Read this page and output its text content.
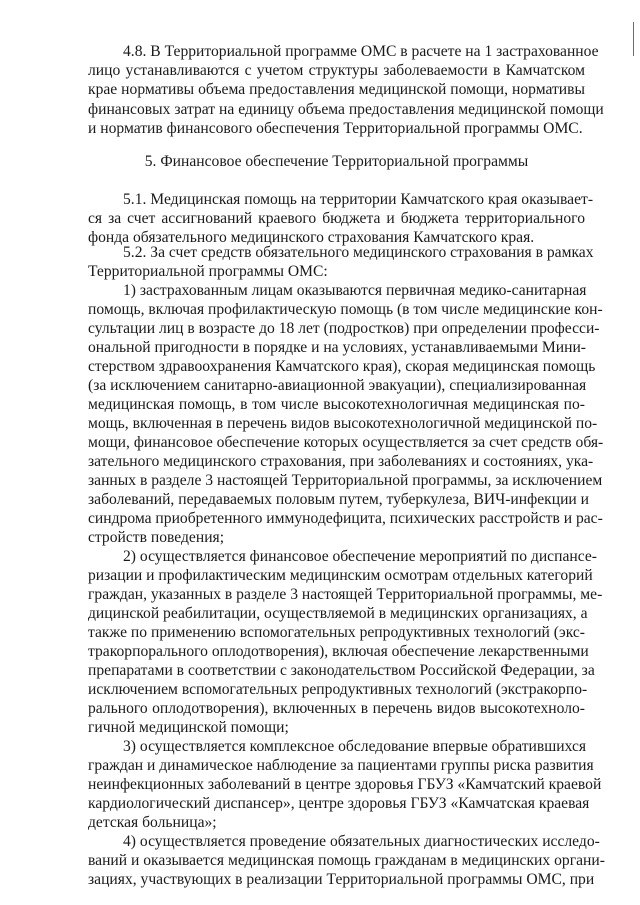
4.8. В Территориальной программе ОМС в расчете на 1 застрахованное
лицо устанавливаются с учетом структуры заболеваемости в Камчатском
крае нормативы объема предоставления медицинской помощи, нормативы
финансовых затрат на единицу объема предоставления медицинской помощи
и норматив финансового обеспечения Территориальной программы ОМС.
5. Финансовое обеспечение Территориальной программы
5.1. Медицинская помощь на территории Камчатского края оказывает-
ся за счет ассигнований краевого бюджета и бюджета территориального
фонда обязательного медицинского страхования Камчатского края.
5.2. За счет средств обязательного медицинского страхования в рамках
Территориальной программы ОМС:
1) застрахованным лицам оказываются первичная медико-санитарная
помощь, включая профилактическую помощь (в том числе медицинские кон-
сультации лиц в возрасте до 18 лет (подростков) при определении професси-
ональной пригодности в порядке и на условиях, устанавливаемыми Мини-
стерством здравоохранения Камчатского края), скорая медицинская помощь
(за исключением санитарно-авиационной эвакуации), специализированная
медицинская помощь, в том числе высокотехнологичная медицинская по-
мощь, включенная в перечень видов высокотехнологичной медицинской по-
мощи, финансовое обеспечение которых осуществляется за счет средств обя-
зательного медицинского страхования, при заболеваниях и состояниях, ука-
занных в разделе 3 настоящей Территориальной программы, за исключением
заболеваний, передаваемых половым путем, туберкулеза, ВИЧ-инфекции и
синдрома приобретенного иммунодефицита, психических расстройств и рас-
стройств поведения;
2) осуществляется финансовое обеспечение мероприятий по диспансе-
ризации и профилактическим медицинским осмотрам отдельных категорий
граждан, указанных в разделе 3 настоящей Территориальной программы, ме-
дицинской реабилитации, осуществляемой в медицинских организациях, а
также по применению вспомогательных репродуктивных технологий (экс-
тракорпорального оплодотворения), включая обеспечение лекарственными
препаратами в соответствии с законодательством Российской Федерации, за
исключением вспомогательных репродуктивных технологий (экстракорпо-
рального оплодотворения), включенных в перечень видов высокотехноло-
гичной медицинской помощи;
3) осуществляется комплексное обследование впервые обратившихся
граждан и динамическое наблюдение за пациентами группы риска развития
неинфекционных заболеваний в центре здоровья ГБУЗ «Камчатский краевой
кардиологический диспансер», центре здоровья ГБУЗ «Камчатская краевая
детская больница»;
4) осуществляется проведение обязательных диагностических исследо-
ваний и оказывается медицинская помощь гражданам в медицинских органи-
зациях, участвующих в реализации Территориальной программы ОМС, при
